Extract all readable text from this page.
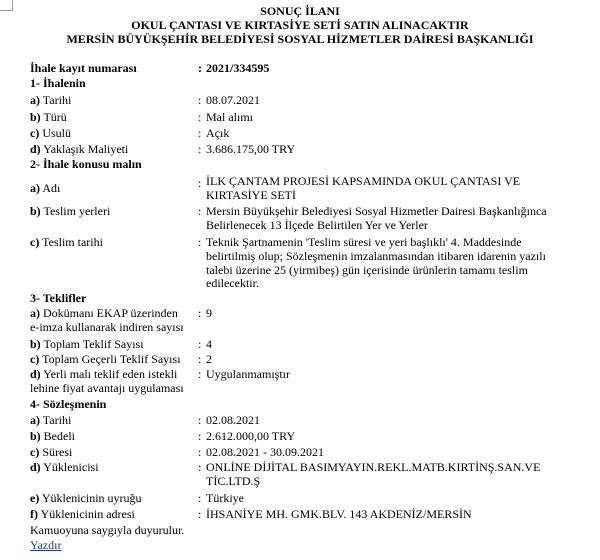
SONUÇ İLANI
OKUL ÇANTASI VE KIRTASİYE SETİ SATIN ALINACAKTIR
MERSİN BÜYÜKŞEHİR BELEDİYESİ SOSYAL HİZMETLER DAİRESİ BAŞKANLIĞI
İhale kayıt numarası	: 2021/334595
1- İhalenin
a) Tarihi	: 08.07.2021
b) Türü	: Mal alımı
c) Usulü	: Açık
d) Yaklaşık Maliyeti	: 3.686.175,00 TRY
2- İhale konusu malın
a) Adı	: İLK ÇANTAM PROJESİ KAPSAMINDA OKUL ÇANTASI VE
KIRTASİYE SETİ
b) Teslim yerleri	: Mersin Büyükşehir Belediyesi Sosyal Hizmetler Dairesi Başkanlığınca
Belirlenecek 13 İlçede Belirtilen Yer ve Yerler
c) Teslim tarihi	: Teknik Şartnamenin 'Teslim süresi ve yeri başlıklı' 4. Maddesinde
belirtilmiş olup; Sözleşmenin imzalanmasından itibaren idarenin yazılı
talebi üzerine 25 (yirmibeş) gün içerisinde ürünlerin tamamı teslim
edilecektir.
3- Teklifler
a) Dokümanı EKAP üzerinden
e-imza kullanarak indiren sayısı
: 9
b) Toplam Teklif Sayısı	: 4
c) Toplam Geçerli Teklif Sayısı : 2
d) Yerli malı teklif eden istekli
lehine fiyat avantajı uygulaması
: Uygulanmamıştır
4- Sözleşmenin
a) Tarihi	: 02.08.2021
b) Bedeli	: 2.612.000,00 TRY
c) Süresi	: 02.08.2021 - 30.09.2021
d) Yüklenicisi	: ONLİNE DİJİTAL BASIMYAYIN.REKL.MATB.KIRTİNŞ.SAN.VE
TİC.LTD.Ş
e) Yüklenicinin uyruğu	: Türkiye
f) Yüklenicinin adresi	: İHSANİYE MH. GMK.BLV. 143 AKDENİZ/MERSİN
Kamuoyuna saygıyla duyurulur.
Yazdır
